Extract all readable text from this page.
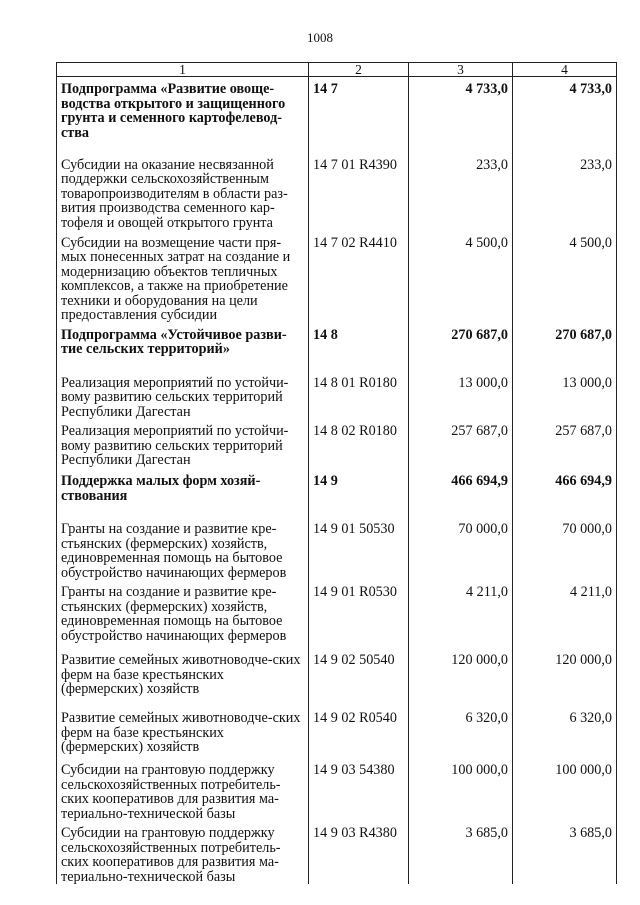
1008
1	2	3	4
Подпрограмма «Развитие овоще-водства открытого и защищенного грунта и семенного картофелевод-ства	14 7	4 733,0	4 733,0
Субсидии на оказание несвязанной поддержки сельскохозяйственным товаропроизводителям в области раз-вития производства семенного кар-тофеля и овощей открытого грунта	14 7 01 R4390	233,0	233,0
Субсидии на возмещение части пря-мых понесенных затрат на создание и модернизацию объектов тепличных комплексов, а также на приобретение техники и оборудования на цели предоставления субсидии	14 7 02 R4410	4 500,0	4 500,0
Подпрограмма «Устойчивое разви-тие сельских территорий»	14 8	270 687,0	270 687,0
Реализация мероприятий по устойчи-вому развитию сельских территорий Республики Дагестан	14 8 01 R0180	13 000,0	13 000,0
Реализация мероприятий по устойчи-вому развитию сельских территорий Республики Дагестан	14 8 02 R0180	257 687,0	257 687,0
Поддержка малых форм хозяй-ствования	14 9	466 694,9	466 694,9
Гранты на создание и развитие кре-стьянских (фермерских) хозяйств, единовременная помощь на бытовое обустройство начинающих фермеров	14 9 01 50530	70 000,0	70 000,0
Гранты на создание и развитие кре-стьянских (фермерских) хозяйств, единовременная помощь на бытовое обустройство начинающих фермеров	14 9 01 R0530	4 211,0	4 211,0
Развитие семейных животноводче-ских ферм на базе крестьянских (фермерских) хозяйств	14 9 02 50540	120 000,0	120 000,0
Развитие семейных животноводче-ских ферм на базе крестьянских (фермерских) хозяйств	14 9 02 R0540	6 320,0	6 320,0
Субсидии на грантовую поддержку сельскохозяйственных потребитель-ских кооперативов для развития ма-териально-технической базы	14 9 03 54380	100 000,0	100 000,0
Субсидии на грантовую поддержку сельскохозяйственных потребитель-ских кооперативов для развития ма-териально-технической базы	14 9 03 R4380	3 685,0	3 685,0
